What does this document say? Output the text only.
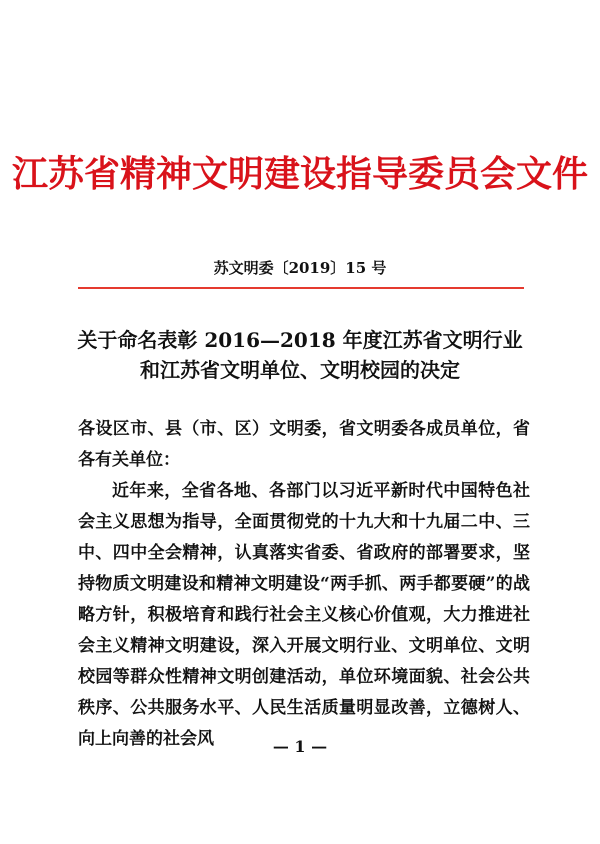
江苏省精神文明建设指导委员会文件
苏文明委〔2019〕15 号
关于命名表彰 2016—2018 年度江苏省文明行业
和江苏省文明单位、文明校园的决定

各设区市、县（市、区）文明委，省文明委各成员单位，省各有关单位：

近年来，全省各地、各部门以习近平新时代中国特色社会主义思想为指导，全面贯彻党的十九大和十九届二中、三中、四中全会精神，认真落实省委、省政府的部署要求，坚持物质文明建设和精神文明建设“两手抓、两手都要硬”的战略方针，积极培育和践行社会主义核心价值观，大力推进社会主义精神文明建设，深入开展文明行业、文明单位、文明校园等群众性精神文明创建活动，单位环境面貌、社会公共秩序、公共服务水平、人民生活质量明显改善，立德树人、向上向善的社会风	— 1 —
